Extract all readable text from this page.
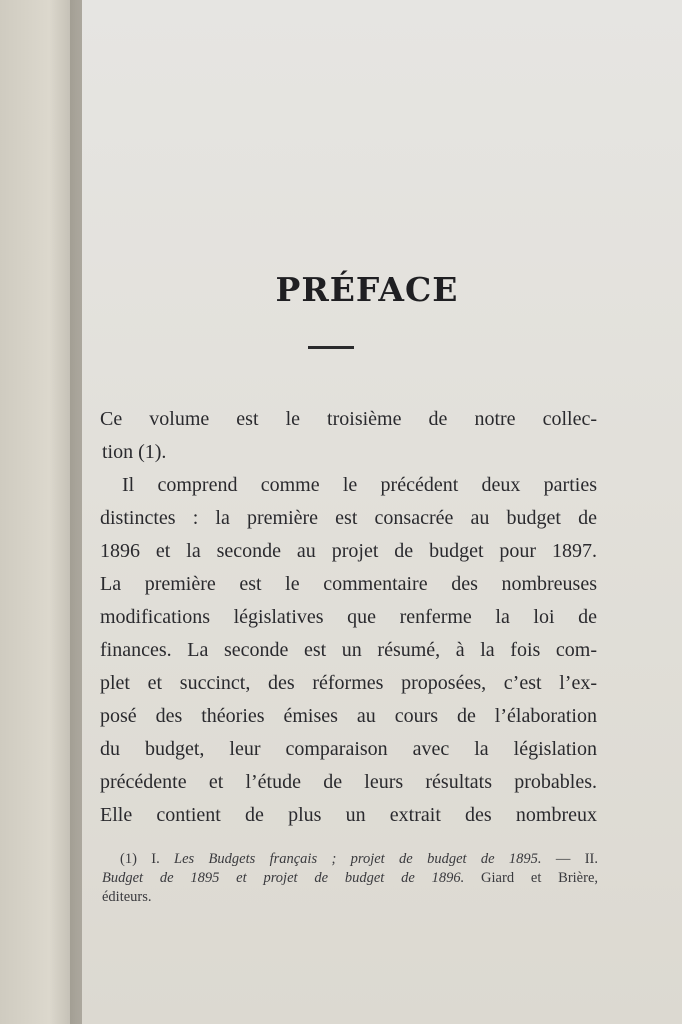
PRÉFACE
Ce volume est le troisième de notre collec-
tion (1).
Il comprend comme le précédent deux parties
distinctes : la première est consacrée au budget de
1896 et la seconde au projet de budget pour 1897.
La première est le commentaire des nombreuses
modifications législatives que renferme la loi de
finances. La seconde est un résumé, à la fois com-
plet et succinct, des réformes proposées, c’est l’ex-
posé des théories émises au cours de l’élaboration
du budget, leur comparaison avec la législation
précédente et l’étude de leurs résultats probables.
Elle contient de plus un extrait des nombreux
(1) I. Les Budgets français ; projet de budget de 1895. — II.
Budget de 1895 et projet de budget de 1896. Giard et Brière,
éditeurs.
